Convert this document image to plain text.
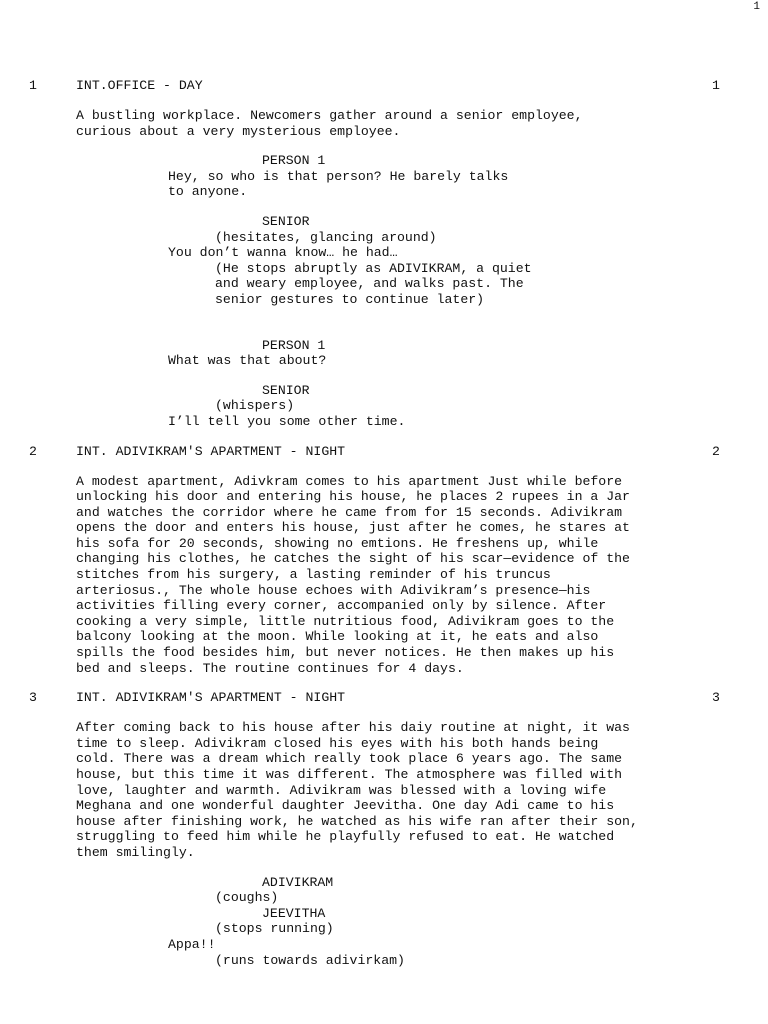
1
1	INT.OFFICE - DAY	1
A bustling workplace. Newcomers gather around a senior employee,
curious about a very mysterious employee.
PERSON 1
Hey, so who is that person? He barely talks
to anyone.
SENIOR
(hesitates, glancing around)
You don’t wanna know… he had…
(He stops abruptly as ADIVIKRAM, a quiet
and weary employee, and walks past. The
senior gestures to continue later)
PERSON 1
What was that about?
SENIOR
(whispers)
I’ll tell you some other time.
2	INT. ADIVIKRAM'S APARTMENT - NIGHT	2
A modest apartment, Adivkram comes to his apartment Just while before
unlocking his door and entering his house, he places 2 rupees in a Jar
and watches the corridor where he came from for 15 seconds. Adivikram
opens the door and enters his house, just after he comes, he stares at
his sofa for 20 seconds, showing no emtions. He freshens up, while
changing his clothes, he catches the sight of his scar—evidence of the
stitches from his surgery, a lasting reminder of his truncus
arteriosus., The whole house echoes with Adivikram’s presence—his
activities filling every corner, accompanied only by silence. After
cooking a very simple, little nutritious food, Adivikram goes to the
balcony looking at the moon. While looking at it, he eats and also
spills the food besides him, but never notices. He then makes up his
bed and sleeps. The routine continues for 4 days.
3	INT. ADIVIKRAM'S APARTMENT - NIGHT	3
After coming back to his house after his daiy routine at night, it was
time to sleep. Adivikram closed his eyes with his both hands being
cold. There was a dream which really took place 6 years ago. The same
house, but this time it was different. The atmosphere was filled with
love, laughter and warmth. Adivikram was blessed with a loving wife
Meghana and one wonderful daughter Jeevitha. One day Adi came to his
house after finishing work, he watched as his wife ran after their son,
struggling to feed him while he playfully refused to eat. He watched
them smilingly.
ADIVIKRAM
(coughs)
JEEVITHA
(stops running)
Appa!!
(runs towards adivirkam)
